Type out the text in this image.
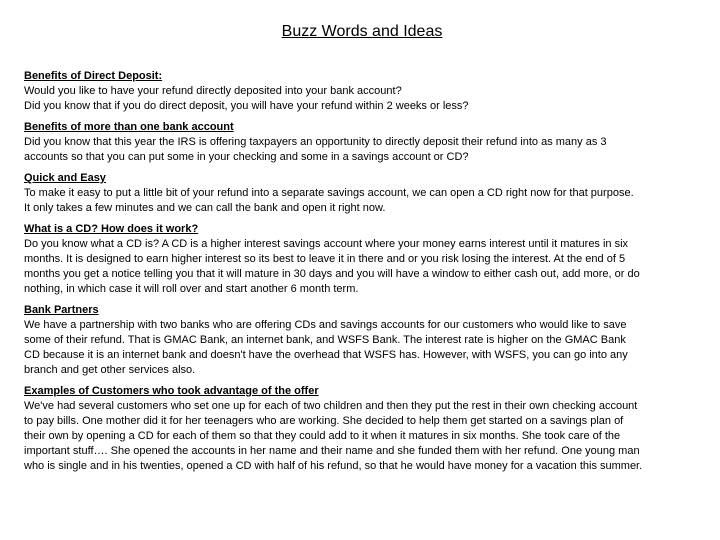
Buzz Words and Ideas
Benefits of Direct Deposit:
Would you like to have your refund directly deposited into your bank account?
Did you know that if you do direct deposit, you will have your refund within 2 weeks or less?
Benefits of more than one bank account
Did you know that this year the IRS is offering taxpayers an opportunity to directly deposit their refund into as many as 3
accounts so that you can put some in your checking and some in a savings account or CD?
Quick and Easy
To make it easy to put a little bit of your refund into a separate savings account, we can open a CD right now for that purpose.
It only takes a few minutes and we can call the bank and open it right now.
What is a CD? How does it work?
Do you know what a CD is? A CD is a higher interest savings account where your money earns interest until it matures in six
months. It is designed to earn higher interest so its best to leave it in there and or you risk losing the interest. At the end of 5
months you get a notice telling you that it will mature in 30 days and you will have a window to either cash out, add more, or do
nothing, in which case it will roll over and start another 6 month term.
Bank Partners
We have a partnership with two banks who are offering CDs and savings accounts for our customers who would like to save
some of their refund. That is GMAC Bank, an internet bank, and WSFS Bank. The interest rate is higher on the GMAC Bank
CD because it is an internet bank and doesn't have the overhead that WSFS has. However, with WSFS, you can go into any
branch and get other services also.
Examples of Customers who took advantage of the offer
We've had several customers who set one up for each of two children and then they put the rest in their own checking account
to pay bills. One mother did it for her teenagers who are working. She decided to help them get started on a savings plan of
their own by opening a CD for each of them so that they could add to it when it matures in six months. She took care of the
important stuff…. She opened the accounts in her name and their name and she funded them with her refund. One young man
who is single and in his twenties, opened a CD with half of his refund, so that he would have money for a vacation this summer.
